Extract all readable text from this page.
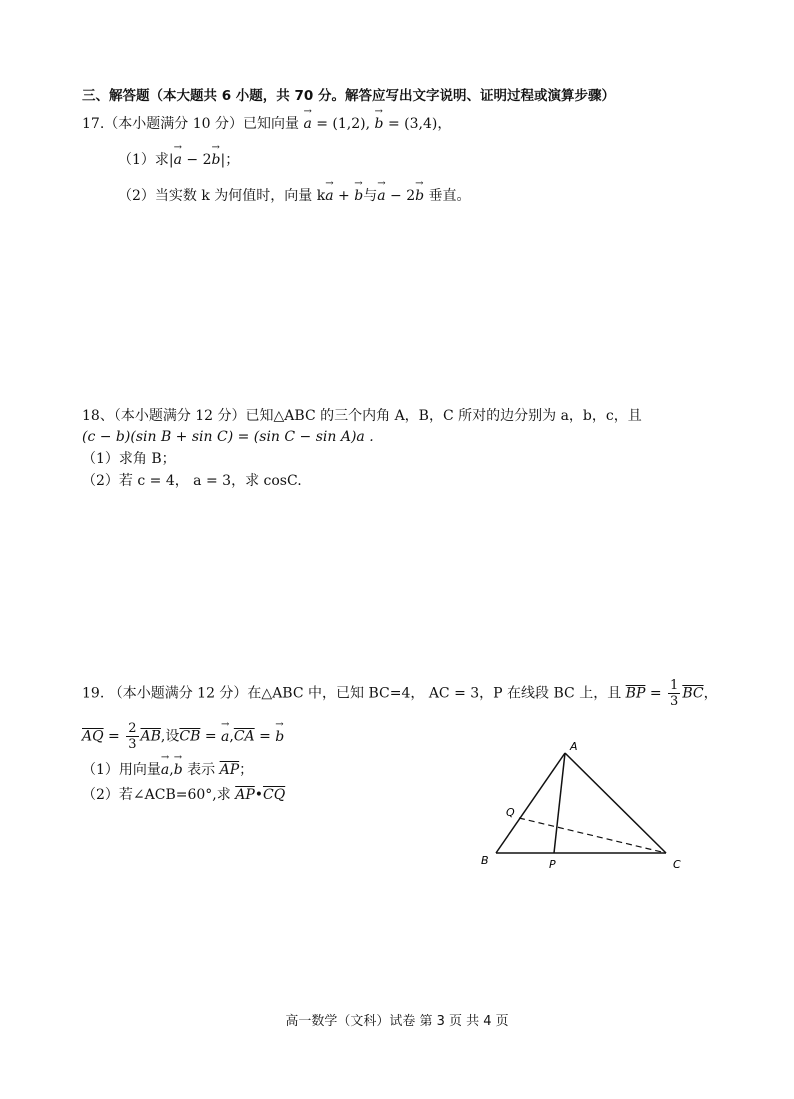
三、解答题（本大题共 6 小题，共 70 分。解答应写出文字说明、证明过程或演算步骤）
17.（本小题满分 10 分）已知向量 → a = (1,2), → b = (3,4)，
（1）求|→ a − 2→ b|；
（2）当实数 k 为何值时，向量 k→ a + → b与→ a − 2→ b 垂直。
18、（本小题满分 12 分）已知△ABC 的三个内角 A，B，C 所对的边分别为 a，b，c，且
(c − b)(sin B + sin C) = (sin C − sin A)a .
（1）求角 B；
（2）若 c = 4， a = 3，求 cosC.
19. （本小题满分 12 分）在△ABC 中，已知 BC=4， AC = 3，P 在线段 BC 上，且 $\overline{BP} = \frac{1}{3} \overline{BC}$，
$\overline{AQ} = \frac{2}{3} \overline{AB}$,设$\overline{CB}$ = → $a,\overline{CA}$ = → b
（1）用向量→ a,→ b 表示 $\overline{AP}$；
（2）若∠ACB=60°,求 $\overline{AP}•\overline{CQ}$
A
B	C
P
Q
高一数学（文科）试卷 第 3 页 共 4 页
